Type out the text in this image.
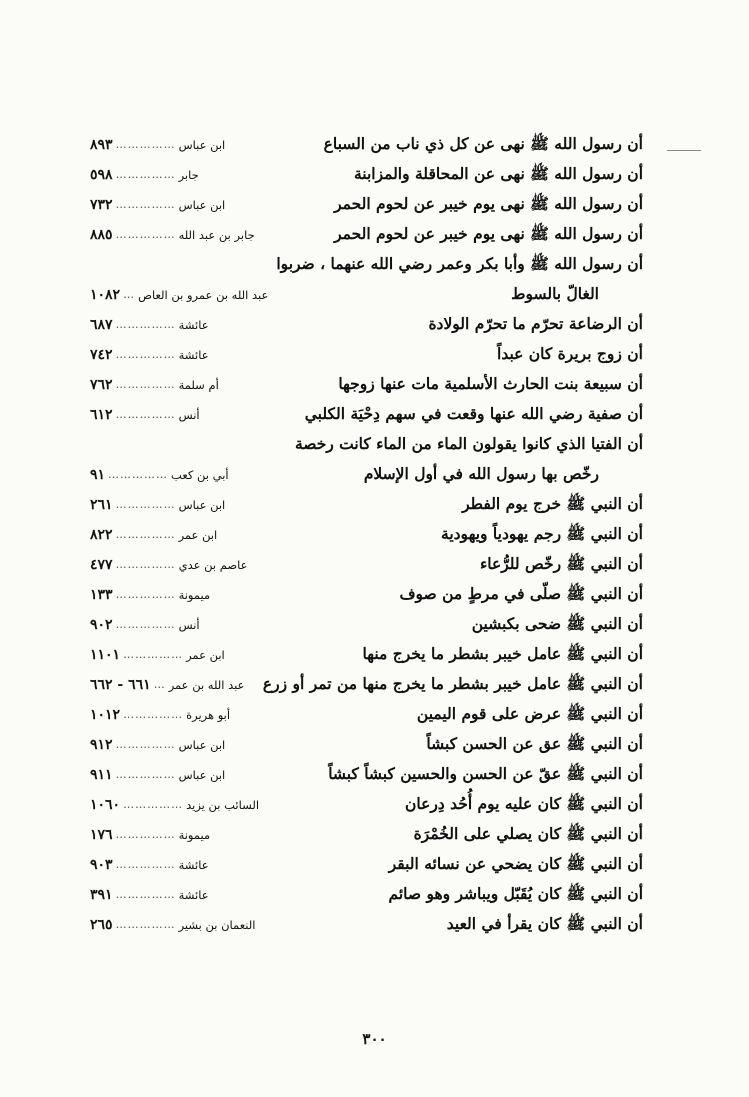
٨٩٣ …………… ابن عباس	أن رسول الله ﷺ نهى عن كل ذي ناب من السباع
٥٩٨ …………… جابر	أن رسول الله ﷺ نهى عن المحاقلة والمزابنة
٧٣٢ …………… ابن عباس	أن رسول الله ﷺ نهى يوم خيبر عن لحوم الحمر
٨٨٥ …………… جابر بن عبد الله	أن رسول الله ﷺ نهى يوم خيبر عن لحوم الحمر
أن رسول الله ﷺ وأبا بكر وعمر رضي الله عنهما ، ضربوا
١٠٨٢ … عبد الله بن عمرو بن العاص	الغالّ بالسوط
٦٨٧ …………… عائشة	أن الرضاعة تحرّم ما تحرّم الولادة
٧٤٢ …………… عائشة	أن زوج بريرة كان عبداً
٧٦٢ …………… أم سلمة	أن سبيعة بنت الحارث الأسلمية مات عنها زوجها
٦١٢ …………… أنس	أن صفية رضي الله عنها وقعت في سهم دِحْيَة الكلبي
أن الفتيا الذي كانوا يقولون الماء من الماء كانت رخصة
٩١ …………… أبي بن كعب	رخّص بها رسول الله في أول الإسلام
٢٦١ …………… ابن عباس	أن النبي ﷺ خرج يوم الفطر
٨٢٢ …………… ابن عمر	أن النبي ﷺ رجم يهودياً ويهودية
٤٧٧ …………… عاصم بن عدي	أن النبي ﷺ رخّص للرُّعاء
١٣٣ …………… ميمونة	أن النبي ﷺ صلّى في مرطٍ من صوف
٩٠٢ …………… أنس	أن النبي ﷺ ضحى بكبشين
١١٠١ …………… ابن عمر	أن النبي ﷺ عامل خيبر بشطر ما يخرج منها
٦٦١ - ٦٦٢ … عبد الله بن عمر	أن النبي ﷺ عامل خيبر بشطر ما يخرج منها من تمر أو زرع
١٠١٢ …………… أبو هريرة	أن النبي ﷺ عرض على قوم اليمين
٩١٢ …………… ابن عباس	أن النبي ﷺ عق عن الحسن كبشاً
٩١١ …………… ابن عباس	أن النبي ﷺ عقّ عن الحسن والحسين كبشاً كبشاً
١٠٦٠ …………… السائب بن يزيد	أن النبي ﷺ كان عليه يوم أُحُد دِرعان
١٧٦ …………… ميمونة	أن النبي ﷺ كان يصلي على الخُمْرَة
٩٠٣ …………… عائشة	أن النبي ﷺ كان يضحي عن نسائه البقر
٣٩١ …………… عائشة	أن النبي ﷺ كان يُقَبّل ويباشر وهو صائم
٢٦٥ …………… النعمان بن بشير	أن النبي ﷺ كان يقرأ في العيد
٣٠٠
